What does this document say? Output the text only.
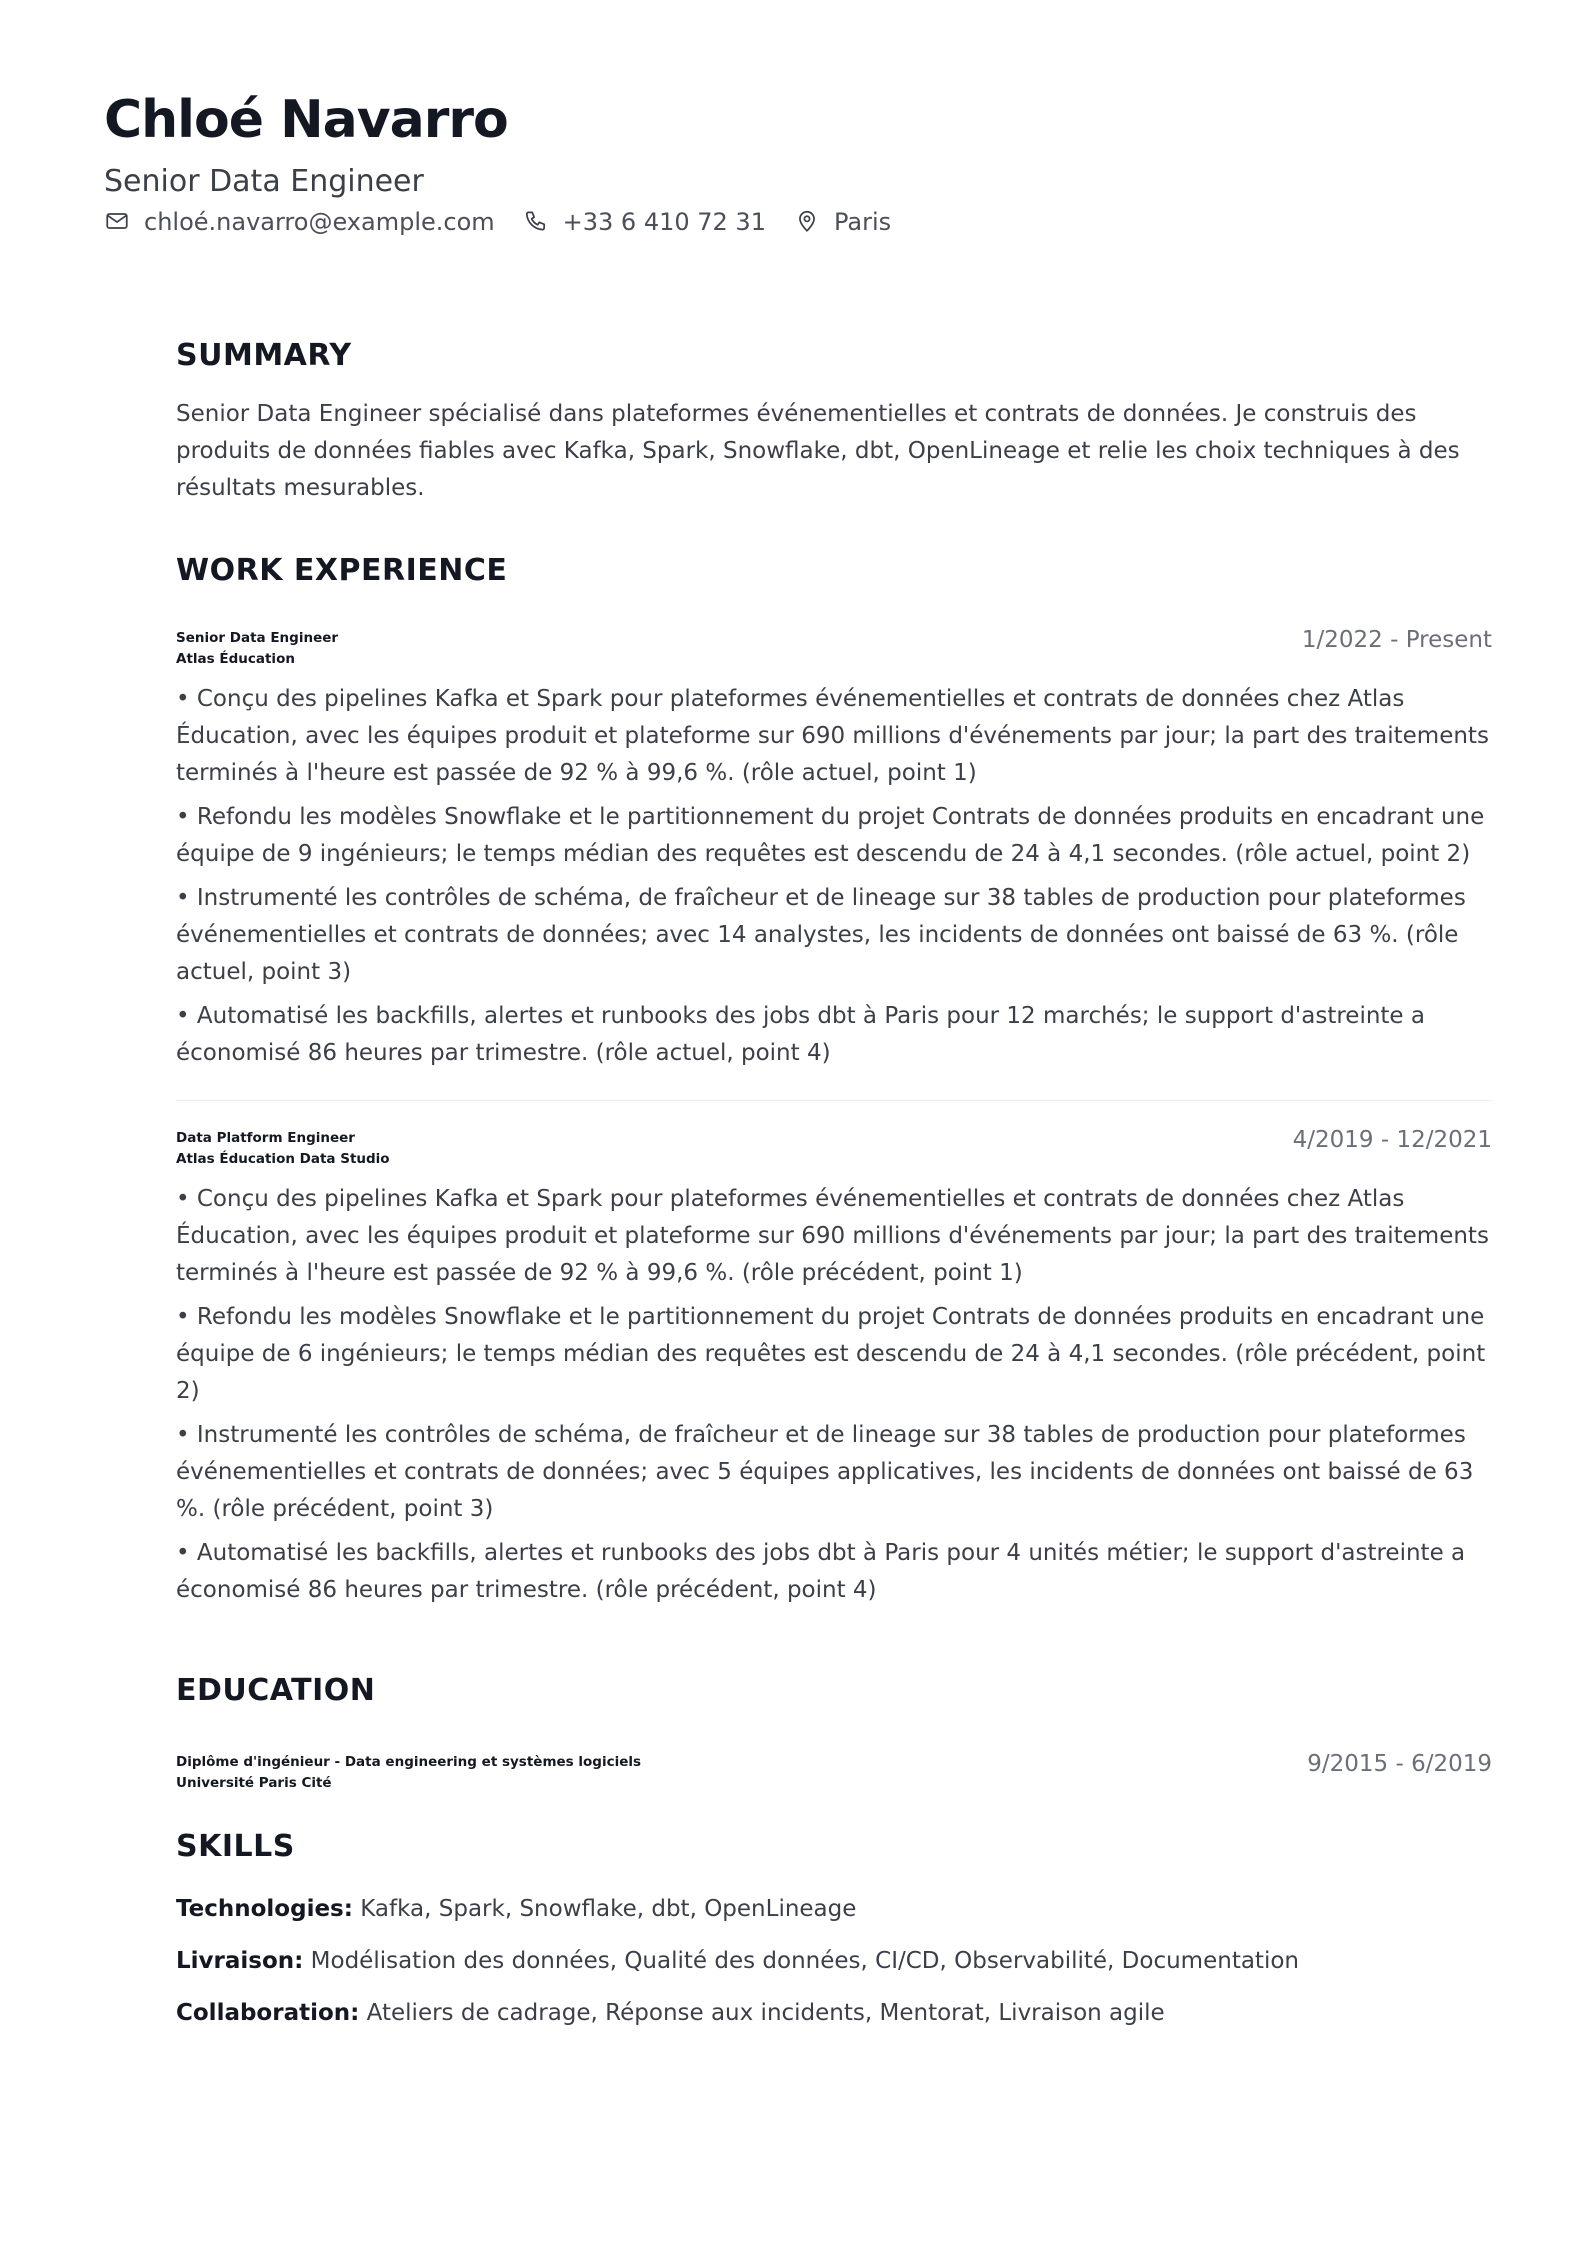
Chloé Navarro
Senior Data Engineer
chloé.navarro@example.com	+33 6 410 72 31	Paris
SUMMARY

Senior Data Engineer spécialisé dans plateformes événementielles et contrats de données. Je construis des produits de données fiables avec Kafka, Spark, Snowflake, dbt, OpenLineage et relie les choix techniques à des résultats mesurables.

WORK EXPERIENCE
Senior Data Engineer
Atlas Éducation
1/2022 - Present
• Conçu des pipelines Kafka et Spark pour plateformes événementielles et contrats de données chez Atlas Éducation, avec les équipes produit et plateforme sur 690 millions d'événements par jour; la part des traitements terminés à l'heure est passée de 92 % à 99,6 %. (rôle actuel, point 1)
• Refondu les modèles Snowflake et le partitionnement du projet Contrats de données produits en encadrant une équipe de 9 ingénieurs; le temps médian des requêtes est descendu de 24 à 4,1 secondes. (rôle actuel, point 2)
• Instrumenté les contrôles de schéma, de fraîcheur et de lineage sur 38 tables de production pour plateformes événementielles et contrats de données; avec 14 analystes, les incidents de données ont baissé de 63 %. (rôle actuel, point 3)
• Automatisé les backfills, alertes et runbooks des jobs dbt à Paris pour 12 marchés; le support d'astreinte a économisé 86 heures par trimestre. (rôle actuel, point 4)
Data Platform Engineer
Atlas Éducation Data Studio
4/2019 - 12/2021
• Conçu des pipelines Kafka et Spark pour plateformes événementielles et contrats de données chez Atlas Éducation, avec les équipes produit et plateforme sur 690 millions d'événements par jour; la part des traitements terminés à l'heure est passée de 92 % à 99,6 %. (rôle précédent, point 1)
• Refondu les modèles Snowflake et le partitionnement du projet Contrats de données produits en encadrant une équipe de 6 ingénieurs; le temps médian des requêtes est descendu de 24 à 4,1 secondes. (rôle précédent, point 2)
• Instrumenté les contrôles de schéma, de fraîcheur et de lineage sur 38 tables de production pour plateformes événementielles et contrats de données; avec 5 équipes applicatives, les incidents de données ont baissé de 63 %. (rôle précédent, point 3)
• Automatisé les backfills, alertes et runbooks des jobs dbt à Paris pour 4 unités métier; le support d'astreinte a économisé 86 heures par trimestre. (rôle précédent, point 4)
EDUCATION
Diplôme d'ingénieur - Data engineering et systèmes logiciels
Université Paris Cité
9/2015 - 6/2019
SKILLS
Technologies: Kafka, Spark, Snowflake, dbt, OpenLineage
Livraison: Modélisation des données, Qualité des données, CI/CD, Observabilité, Documentation
Collaboration: Ateliers de cadrage, Réponse aux incidents, Mentorat, Livraison agile
